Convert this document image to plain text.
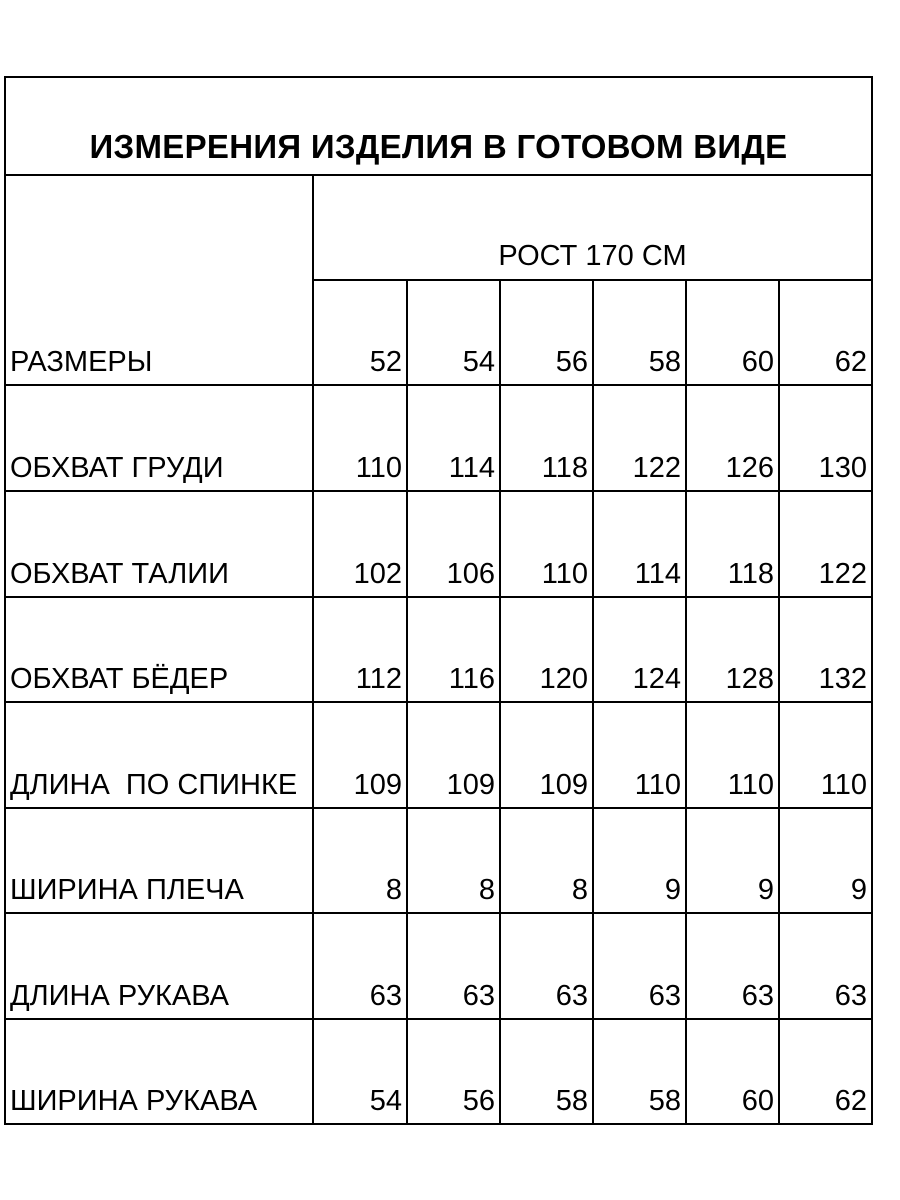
ИЗМЕРЕНИЯ ИЗДЕЛИЯ В ГОТОВОМ ВИДЕ
РОСТ 170 СМ
РАЗМЕРЫ	52	54	56	58	60	62
ОБХВАТ ГРУДИ	110	114	118	122	126	130
ОБХВАТ ТАЛИИ	102	106	110	114	118	122
ОБХВАТ БЁДЕР	112	116	120	124	128	132
ДЛИНА  ПО СПИНКЕ	109	109	109	110	110	110
ШИРИНА ПЛЕЧА	8	8	8	9	9	9
ДЛИНА РУКАВА	63	63	63	63	63	63
ШИРИНА РУКАВА	54	56	58	58	60	62
